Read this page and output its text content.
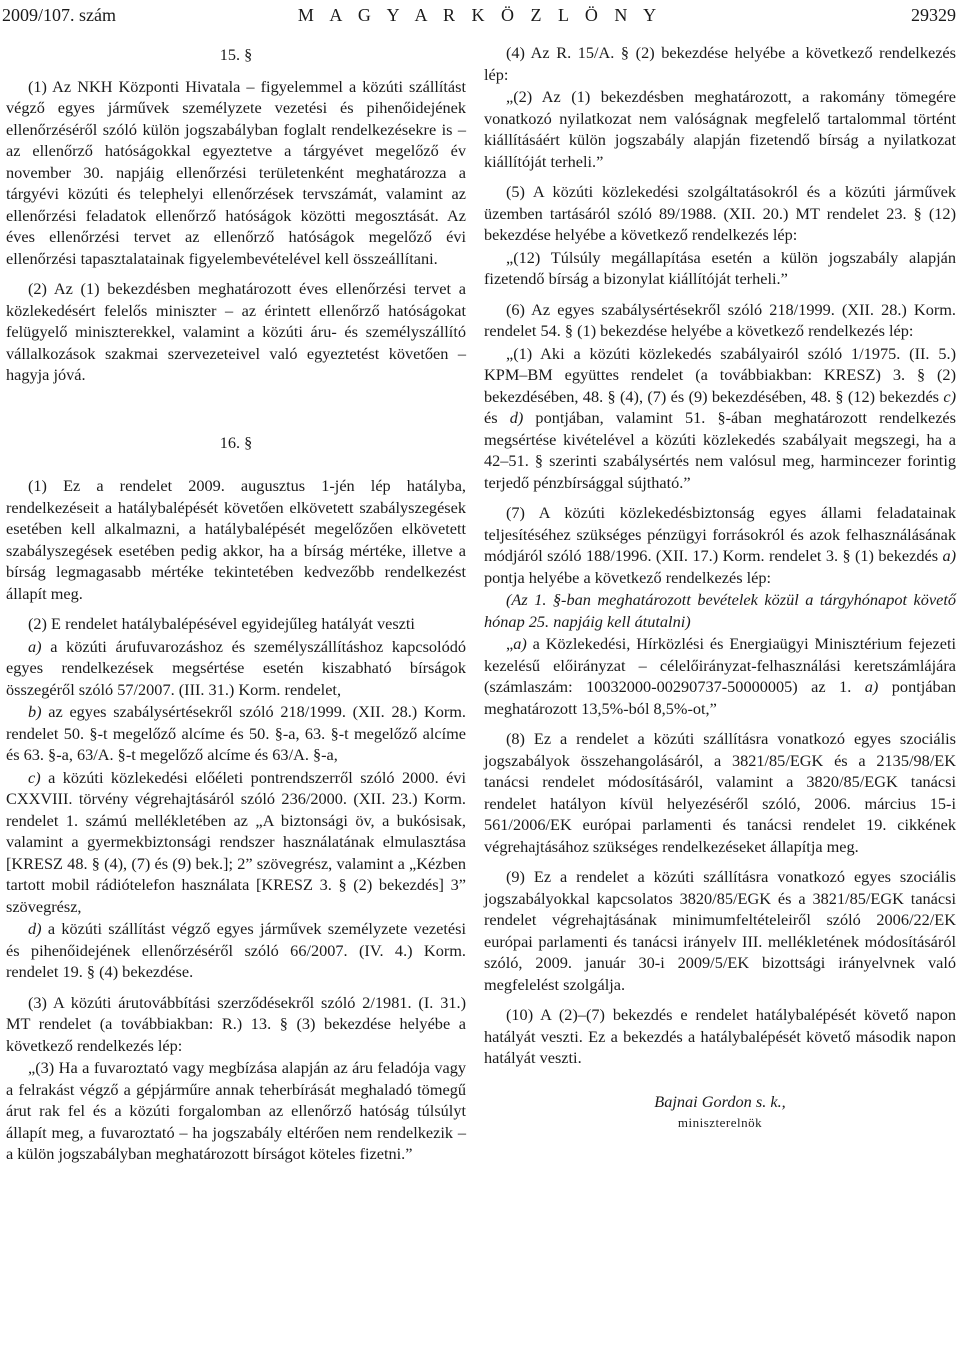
2009/107. szám	M A G Y A R K Ö Z L Ö N Y	29329

15. §

(1) Az NKH Központi Hivatala – figyelemmel a közúti szállítást végző egyes járművek személyzete vezetési és pihenőidejének ellenőrzéséről szóló külön jogszabályban foglalt rendelkezésekre is – az ellenőrző hatóságokkal egyeztetve a tárgyévet megelőző év november 30. napjáig ellenőrzési területenként meghatározza a tárgyévi közúti és telephelyi ellenőrzések tervszámát, valamint az ellenőrzési feladatok ellenőrző hatóságok közötti megosztását. Az éves ellenőrzési tervet az ellenőrző hatóságok megelőző évi ellenőrzési tapasztalatainak figyelembevételével kell összeállítani.

(2) Az (1) bekezdésben meghatározott éves ellenőrzési tervet a közlekedésért felelős miniszter – az érintett ellenőrző hatóságokat felügyelő miniszterekkel, valamint a közúti áru- és személyszállító vállalkozások szakmai szervezeteivel való egyeztetést követően – hagyja jóvá.

16. §

(1) Ez a rendelet 2009. augusztus 1-jén lép hatályba, rendelkezéseit a hatálybalépését követően elkövetett szabályszegések esetében kell alkalmazni, a hatálybalépését megelőzően elkövetett szabályszegések esetében pedig akkor, ha a bírság mértéke, illetve a bírság legmagasabb mértéke tekintetében kedvezőbb rendelkezést állapít meg.

(2) E rendelet hatálybalépésével egyidejűleg hatályát veszti

a) a közúti árufuvarozáshoz és személyszállításhoz kapcsolódó egyes rendelkezések megsértése esetén kiszabható bírságok összegéről szóló 57/2007. (III. 31.) Korm. rendelet,

b) az egyes szabálysértésekről szóló 218/1999. (XII. 28.) Korm. rendelet 50. §-t megelőző alcíme és 50. §-a, 63. §-t megelőző alcíme és 63. §-a, 63/A. §-t megelőző alcíme és 63/A. §-a,

c) a közúti közlekedési előéleti pontrendszerről szóló 2000. évi CXXVIII. törvény végrehajtásáról szóló 236/2000. (XII. 23.) Korm. rendelet 1. számú mellékletében az „A biztonsági öv, a bukósisak, valamint a gyermekbiztonsági rendszer használatának elmulasztása [KRESZ 48. § (4), (7) és (9) bek.]; 2” szövegrész, valamint a „Kézben tartott mobil rádiótelefon használata [KRESZ 3. § (2) bekezdés] 3” szövegrész,

d) a közúti szállítást végző egyes járművek személyzete vezetési és pihenőidejének ellenőrzéséről szóló 66/2007. (IV. 4.) Korm. rendelet 19. § (4) bekezdése.

(3) A közúti árutovábbítási szerződésekről szóló 2/1981. (I. 31.) MT rendelet (a továbbiakban: R.) 13. § (3) bekezdése helyébe a következő rendelkezés lép:

„(3) Ha a fuvaroztató vagy megbízása alapján az áru feladója vagy a felrakást végző a gépjárműre annak teherbírását meghaladó tömegű árut rak fel és a közúti forgalomban az ellenőrző hatóság túlsúlyt állapít meg, a fuvaroztató – ha jogszabály eltérően nem rendelkezik – a külön jogszabályban meghatározott bírságot köteles fizetni.”

(4) Az R. 15/A. § (2) bekezdése helyébe a következő rendelkezés lép:

„(2) Az (1) bekezdésben meghatározott, a rakomány tömegére vonatkozó nyilatkozat nem valóságnak megfelelő tartalommal történt kiállításáért külön jogszabály alapján fizetendő bírság a nyilatkozat kiállítóját terheli.”

(5) A közúti közlekedési szolgáltatásokról és a közúti járművek üzemben tartásáról szóló 89/1988. (XII. 20.) MT rendelet 23. § (12) bekezdése helyébe a következő rendelkezés lép:

„(12) Túlsúly megállapítása esetén a külön jogszabály alapján fizetendő bírság a bizonylat kiállítóját terheli.”

(6) Az egyes szabálysértésekről szóló 218/1999. (XII. 28.) Korm. rendelet 54. § (1) bekezdése helyébe a következő rendelkezés lép:

„(1) Aki a közúti közlekedés szabályairól szóló 1/1975. (II. 5.) KPM–BM együttes rendelet (a továbbiakban: KRESZ) 3. § (2) bekezdésében, 48. § (4), (7) és (9) bekezdésében, 48. § (12) bekezdés c) és d) pontjában, valamint 51. §-ában meghatározott rendelkezés megsértése kivételével a közúti közlekedés szabályait megszegi, ha a 42–51. § szerinti szabálysértés nem valósul meg, harmincezer forintig terjedő pénzbírsággal sújtható.”

(7) A közúti közlekedésbiztonság egyes állami feladatainak teljesítéséhez szükséges pénzügyi forrásokról és azok felhasználásának módjáról szóló 188/1996. (XII. 17.) Korm. rendelet 3. § (1) bekezdés a) pontja helyébe a következő rendelkezés lép:

(Az 1. §-ban meghatározott bevételek közül a tárgyhónapot követő hónap 25. napjáig kell átutalni)

„a) a Közlekedési, Hírközlési és Energiaügyi Minisztérium fejezeti kezelésű előirányzat – célelőirányzat-felhasználási keretszámlájára (számlaszám: 10032000-00290737-50000005) az 1. a) pontjában meghatározott 13,5%-ból 8,5%-ot,”

(8) Ez a rendelet a közúti szállításra vonatkozó egyes szociális jogszabályok összehangolásáról, a 3821/85/EGK és a 2135/98/EK tanácsi rendelet módosításáról, valamint a 3820/85/EGK tanácsi rendelet hatályon kívül helyezéséről szóló, 2006. március 15-i 561/2006/EK európai parlamenti és tanácsi rendelet 19. cikkének végrehajtásához szükséges rendelkezéseket állapítja meg.

(9) Ez a rendelet a közúti szállításra vonatkozó egyes szociális jogszabályokkal kapcsolatos 3820/85/EGK és a 3821/85/EGK tanácsi rendelet végrehajtásának minimumfeltételeiről szóló 2006/22/EK európai parlamenti és tanácsi irányelv III. mellékletének módosításáról szóló, 2009. január 30-i 2009/5/EK bizottsági irányelvnek való megfelelést szolgálja.

(10) A (2)–(7) bekezdés e rendelet hatálybalépését követő napon hatályát veszti. Ez a bekezdés a hatálybalépését követő második napon hatályát veszti.

Bajnai Gordon s. k.,

miniszterelnök
